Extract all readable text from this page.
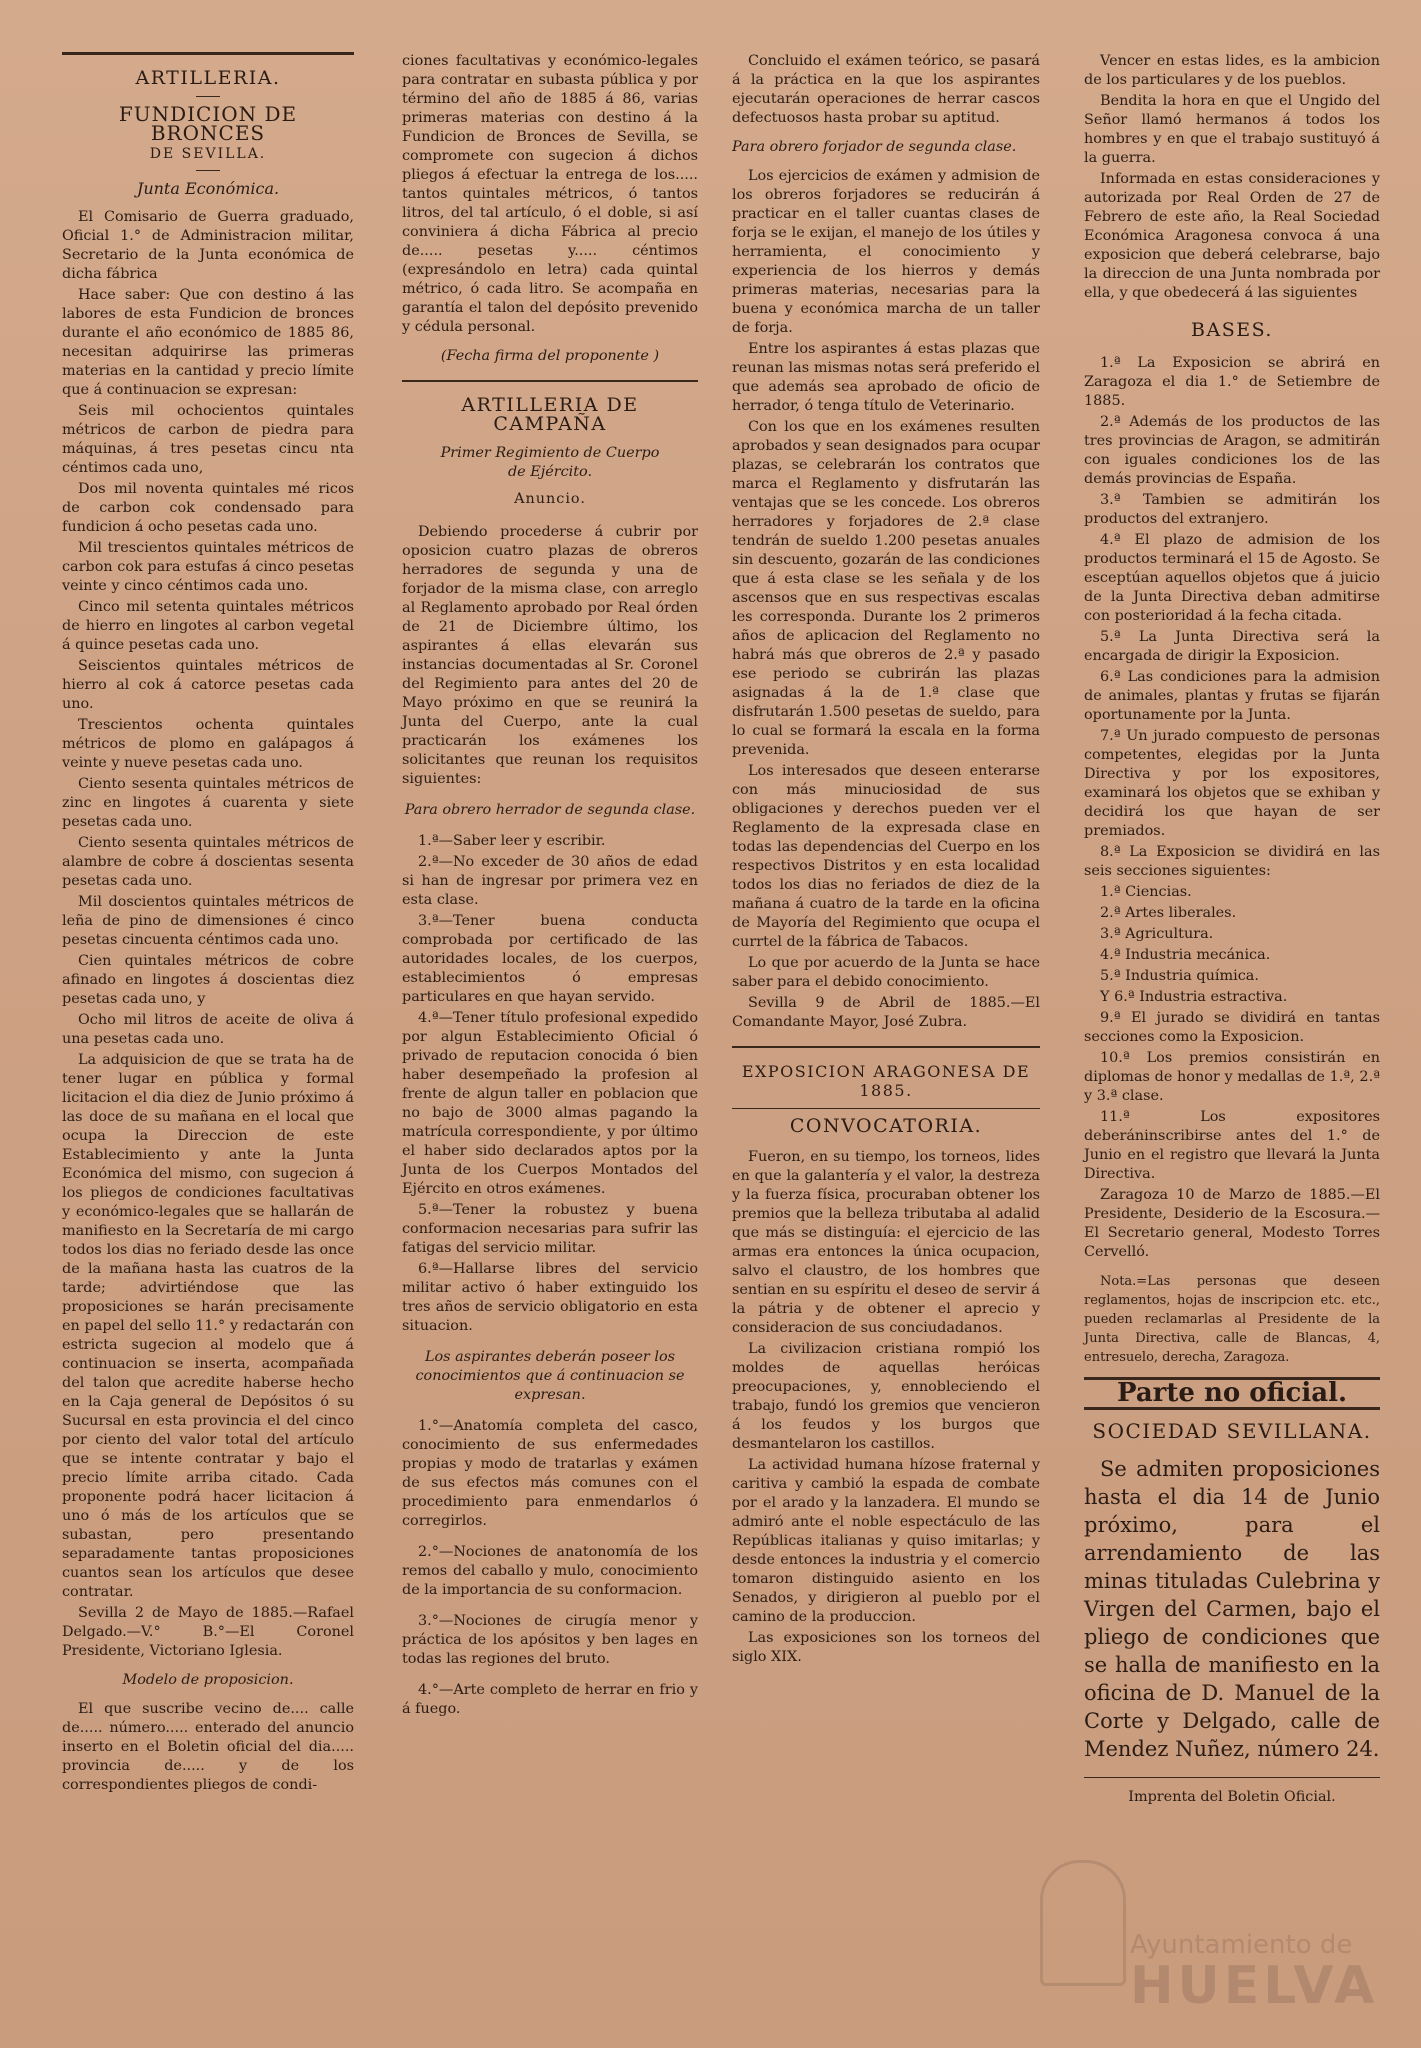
ARTILLERIA.
FUNDICION DE BRONCES
DE SEVILLA.

Junta Económica.

El Comisario de Guerra graduado, Oficial 1.° de Administracion militar, Secretario de la Junta económica de dicha fábrica

Hace saber: Que con destino á las labores de esta Fundicion de bronces durante el año económico de 1885 86, necesitan adquirirse las primeras materias en la cantidad y precio límite que á continuacion se expresan:

Seis mil ochocientos quintales métricos de carbon de piedra para máquinas, á tres pesetas cincu nta céntimos cada uno,

Dos mil noventa quintales mé ricos de carbon cok condensado para fundicion á ocho pesetas cada uno.

Mil trescientos quintales métricos de carbon cok para estufas á cinco pesetas veinte y cinco céntimos cada uno.

Cinco mil setenta quintales métricos de hierro en lingotes al carbon vegetal á quince pesetas cada uno.

Seiscientos quintales métricos de hierro al cok á catorce pesetas cada uno.

Trescientos ochenta quintales métricos de plomo en galápagos á veinte y nueve pesetas cada uno.

Ciento sesenta quintales métricos de zinc en lingotes á cuarenta y siete pesetas cada uno.

Ciento sesenta quintales métricos de alambre de cobre á doscientas sesenta pesetas cada uno.

Mil doscientos quintales métricos de leña de pino de dimensiones é cinco pesetas cincuenta céntimos cada uno.

Cien quintales métricos de cobre afinado en lingotes á doscientas diez pesetas cada uno, y

Ocho mil litros de aceite de oliva á una pesetas cada uno.

La adquisicion de que se trata ha de tener lugar en pública y formal licitacion el dia diez de Junio próximo á las doce de su mañana en el local que ocupa la Direccion de este Establecimiento y ante la Junta Económica del mismo, con sugecion á los pliegos de condiciones facultativas y económico-legales que se hallarán de manifiesto en la Secretaría de mi cargo todos los dias no feriado desde las once de la mañana hasta las cuatros de la tarde; advirtiéndose que las proposiciones se harán precisamente en papel del sello 11.° y redactarán con estricta sugecion al modelo que á continuacion se inserta, acompañada del talon que acredite haberse hecho en la Caja general de Depósitos ó su Sucursal en esta provincia el del cinco por ciento del valor total del artículo que se intente contratar y bajo el precio límite arriba citado. Cada proponente podrá hacer licitacion á uno ó más de los artículos que se subastan, pero presentando separadamente tantas proposiciones cuantos sean los artículos que desee contratar.

Sevilla 2 de Mayo de 1885.—Rafael Delgado.—V.° B.°—El Coronel Presidente, Victoriano Iglesia.

Modelo de proposicion.

El que suscribe vecino de.... calle de..... número..... enterado del anuncio inserto en el Boletin oficial del dia..... provincia de..... y de los correspondientes pliegos de condi-

ciones facultativas y económico-legales para contratar en subasta pública y por término del año de 1885 á 86, varias primeras materias con destino á la Fundicion de Bronces de Sevilla, se compromete con sugecion á dichos pliegos á efectuar la entrega de los..... tantos quintales métricos, ó tantos litros, del tal artículo, ó el doble, si así conviniera á dicha Fábrica al precio de..... pesetas y..... céntimos (expresándolo en letra) cada quintal métrico, ó cada litro. Se acompaña en garantía el talon del depósito prevenido y cédula personal.

(Fecha firma del proponente )

ARTILLERIA DE CAMPAÑA

Primer Regimiento de Cuerpo de Ejército.

Anuncio.

Debiendo procederse á cubrir por oposicion cuatro plazas de obreros herradores de segunda y una de forjador de la misma clase, con arreglo al Reglamento aprobado por Real órden de 21 de Diciembre último, los aspirantes á ellas elevarán sus instancias documentadas al Sr. Coronel del Regimiento para antes del 20 de Mayo próximo en que se reunirá la Junta del Cuerpo, ante la cual practicarán los exámenes los solicitantes que reunan los requisitos siguientes:

Para obrero herrador de segunda clase.

1.ª—Saber leer y escribir.

2.ª—No exceder de 30 años de edad si han de ingresar por primera vez en esta clase.

3.ª—Tener buena conducta comprobada por certificado de las autoridades locales, de los cuerpos, establecimientos ó empresas particulares en que hayan servido.

4.ª—Tener título profesional expedido por algun Establecimiento Oficial ó privado de reputacion conocida ó bien haber desempeñado la profesion al frente de algun taller en poblacion que no bajo de 3000 almas pagando la matrícula correspondiente, y por último el haber sido declarados aptos por la Junta de los Cuerpos Montados del Ejército en otros exámenes.

5.ª—Tener la robustez y buena conformacion necesarias para sufrir las fatigas del servicio militar.

6.ª—Hallarse libres del servicio militar activo ó haber extinguido los tres años de servicio obligatorio en esta situacion.

Los aspirantes deberán poseer los conocimientos que á continuacion se expresan.

1.°—Anatomía completa del casco, conocimiento de sus enfermedades propias y modo de tratarlas y exámen de sus efectos más comunes con el procedimiento para enmendarlos ó corregirlos.

2.°—Nociones de anatonomía de los remos del caballo y mulo, conocimiento de la importancia de su conformacion.

3.°—Nociones de cirugía menor y práctica de los apósitos y ben lages en todas las regiones del bruto.

4.°—Arte completo de herrar en frio y á fuego.

Concluido el exámen teórico, se pasará á la práctica en la que los aspirantes ejecutarán operaciones de herrar cascos defectuosos hasta probar su aptitud.

Para obrero forjador de segunda clase.

Los ejercicios de exámen y admision de los obreros forjadores se reducirán á practicar en el taller cuantas clases de forja se le exijan, el manejo de los útiles y herramienta, el conocimiento y experiencia de los hierros y demás primeras materias, necesarias para la buena y económica marcha de un taller de forja.

Entre los aspirantes á estas plazas que reunan las mismas notas será preferido el que además sea aprobado de oficio de herrador, ó tenga título de Veterinario.

Con los que en los exámenes resulten aprobados y sean designados para ocupar plazas, se celebrarán los contratos que marca el Reglamento y disfrutarán las ventajas que se les concede. Los obreros herradores y forjadores de 2.ª clase tendrán de sueldo 1.200 pesetas anuales sin descuento, gozarán de las condiciones que á esta clase se les señala y de los ascensos que en sus respectivas escalas les corresponda. Durante los 2 primeros años de aplicacion del Reglamento no habrá más que obreros de 2.ª y pasado ese periodo se cubrirán las plazas asignadas á la de 1.ª clase que disfrutarán 1.500 pesetas de sueldo, para lo cual se formará la escala en la forma prevenida.

Los interesados que deseen enterarse con más minuciosidad de sus obligaciones y derechos pueden ver el Reglamento de la expresada clase en todas las dependencias del Cuerpo en los respectivos Distritos y en esta localidad todos los dias no feriados de diez de la mañana á cuatro de la tarde en la oficina de Mayoría del Regimiento que ocupa el currtel de la fábrica de Tabacos.

Lo que por acuerdo de la Junta se hace saber para el debido conocimiento.

Sevilla 9 de Abril de 1885.—El Comandante Mayor, José Zubra.

EXPOSICION ARAGONESA DE 1885.
CONVOCATORIA.

Fueron, en su tiempo, los torneos, lides en que la galantería y el valor, la destreza y la fuerza física, procuraban obtener los premios que la belleza tributaba al adalid que más se distinguía: el ejercicio de las armas era entonces la única ocupacion, salvo el claustro, de los hombres que sentian en su espíritu el deseo de servir á la pátria y de obtener el aprecio y consideracion de sus conciudadanos.

La civilizacion cristiana rompió los moldes de aquellas heróicas preocupaciones, y, ennobleciendo el trabajo, fundó los gremios que vencieron á los feudos y los burgos que desmantelaron los castillos.

La actividad humana hízose fraternal y caritiva y cambió la espada de combate por el arado y la lanzadera. El mundo se admiró ante el noble espectáculo de las Repúblicas italianas y quiso imitarlas; y desde entonces la industria y el comercio tomaron distinguido asiento en los Senados, y dirigieron al pueblo por el camino de la produccion.

Las exposiciones son los torneos del siglo XIX.

Vencer en estas lides, es la ambicion de los particulares y de los pueblos.

Bendita la hora en que el Ungido del Señor llamó hermanos á todos los hombres y en que el trabajo sustituyó á la guerra.

Informada en estas consideraciones y autorizada por Real Orden de 27 de Febrero de este año, la Real Sociedad Económica Aragonesa convoca á una exposicion que deberá celebrarse, bajo la direccion de una Junta nombrada por ella, y que obedecerá á las siguientes

BASES.

1.ª La Exposicion se abrirá en Zaragoza el dia 1.° de Setiembre de 1885.

2.ª Además de los productos de las tres provincias de Aragon, se admitirán con iguales condiciones los de las demás provincias de España.

3.ª Tambien se admitirán los productos del extranjero.

4.ª El plazo de admision de los productos terminará el 15 de Agosto. Se esceptúan aquellos objetos que á juicio de la Junta Directiva deban admitirse con posterioridad á la fecha citada.

5.ª La Junta Directiva será la encargada de dirigir la Exposicion.

6.ª Las condiciones para la admision de animales, plantas y frutas se fijarán oportunamente por la Junta.

7.ª Un jurado compuesto de personas competentes, elegidas por la Junta Directiva y por los expositores, examinará los objetos que se exhiban y decidirá los que hayan de ser premiados.

8.ª La Exposicion se dividirá en las seis secciones siguientes:

1.ª Ciencias.

2.ª Artes liberales.

3.ª Agricultura.

4.ª Industria mecánica.

5.ª Industria química.

Y 6.ª Industria estractiva.

9.ª El jurado se dividirá en tantas secciones como la Exposicion.

10.ª Los premios consistirán en diplomas de honor y medallas de 1.ª, 2.ª y 3.ª clase.

11.ª Los expositores deberáninscribirse antes del 1.° de Junio en el registro que llevará la Junta Directiva.

Zaragoza 10 de Marzo de 1885.—El Presidente, Desiderio de la Escosura.—El Secretario general, Modesto Torres Cervelló.

Nota.=Las personas que deseen reglamentos, hojas de inscripcion etc. etc., pueden reclamarlas al Presidente de la Junta Directiva, calle de Blancas, 4, entresuelo, derecha, Zaragoza.

Parte no oficial.
SOCIEDAD SEVILLANA.

Se admiten proposiciones hasta el dia 14 de Junio próximo, para el arrendamiento de las minas tituladas Culebrina y Virgen del Carmen, bajo el pliego de condiciones que se halla de manifiesto en la oficina de D. Manuel de la Corte y Delgado, calle de Mendez Nuñez, número 24.

Imprenta del Boletin Oficial.

Ayuntamiento de
HUELVA
